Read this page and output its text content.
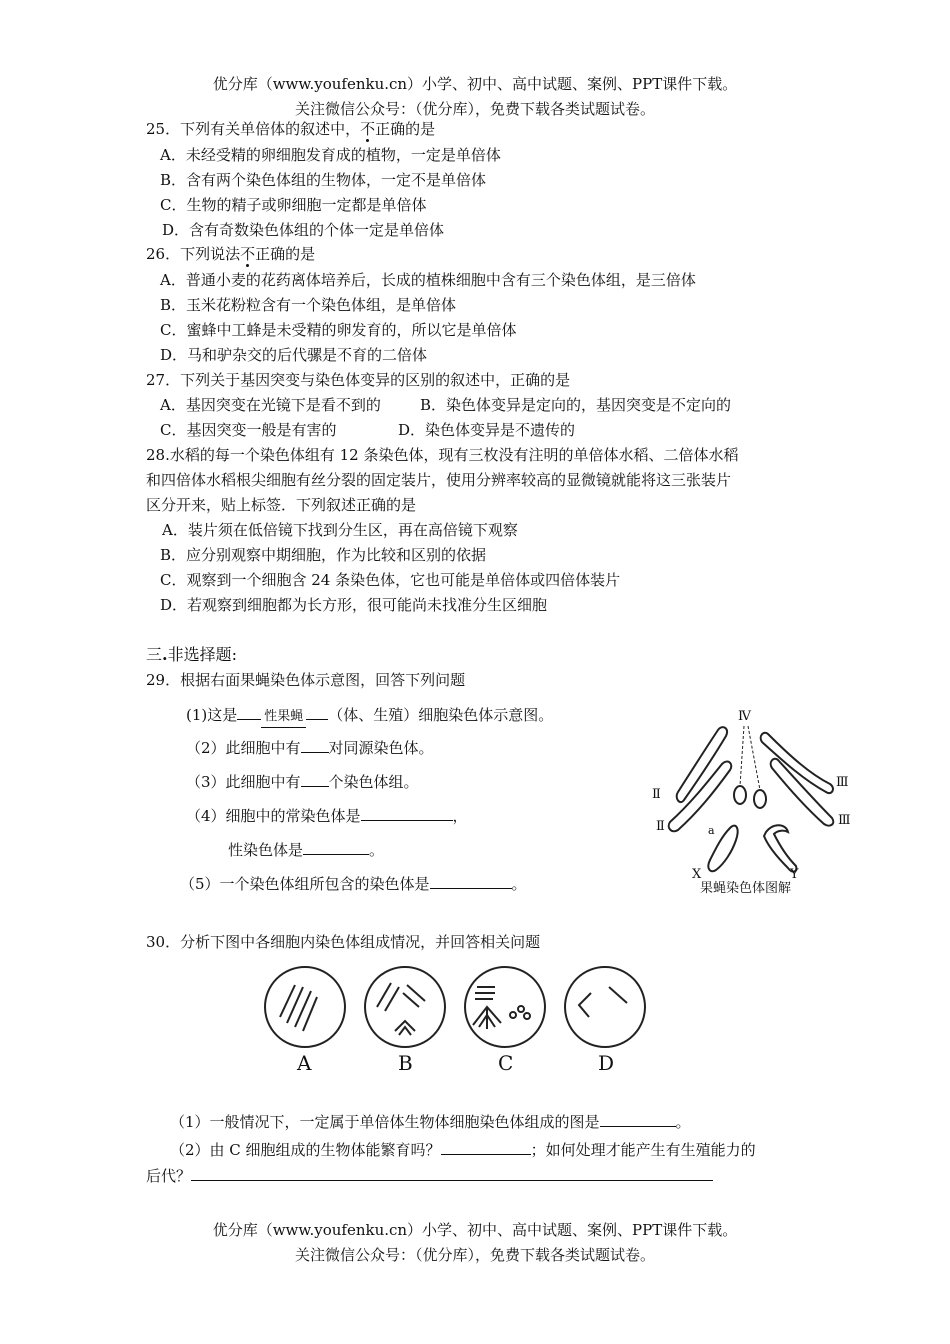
优分库（www.youfenku.cn）小学、初中、高中试题、案例、PPT课件下载。
关注微信公众号：（优分库），免费下载各类试题试卷。
25．下列有关单倍体的叙述中，不正确的是
A．未经受精的卵细胞发育成的植物，一定是单倍体
B．含有两个染色体组的生物体，一定不是单倍体
C．生物的精子或卵细胞一定都是单倍体
D．含有奇数染色体组的个体一定是单倍体
26．下列说法不正确的是
A．普通小麦的花药离体培养后，长成的植株细胞中含有三个染色体组，是三倍体
B．玉米花粉粒含有一个染色体组，是单倍体
C．蜜蜂中工蜂是未受精的卵发育的，所以它是单倍体
D．马和驴杂交的后代骡是不育的二倍体
27．下列关于基因突变与染色体变异的区别的叙述中，正确的是
A．基因突变在光镜下是看不到的	B．染色体变异是定向的，基因突变是不定向的
C．基因突变一般是有害的	D．染色体变异是不遗传的
28.水稻的每一个染色体组有 12 条染色体，现有三枚没有注明的单倍体水稻、二倍体水稻
和四倍体水稻根尖细胞有丝分裂的固定装片，使用分辨率较高的显微镜就能将这三张装片
区分开来，贴上标签．下列叙述正确的是
A．装片须在低倍镜下找到分生区，再在高倍镜下观察
B．应分别观察中期细胞，作为比较和区别的依据
C．观察到一个细胞含 24 条染色体，它也可能是单倍体或四倍体装片
D．若观察到细胞都为长方形，很可能尚未找准分生区细胞
三.非选择题:
29．根据右面果蝇染色体示意图，回答下列问题
(1)这是 性果蝇 （体、生殖）细胞染色体示意图。
（2）此细胞中有 对同源染色体。
（3）此细胞中有 个染色体组。
（4）细胞中的常染色体是	，
性染色体是	。
（5）一个染色体组所包含的染色体是	。
Ⅳ
Ⅱ
Ⅱ
Ⅲ
Ⅲ
a
X	Y
果蝇染色体图解
30．分析下图中各细胞内染色体组成情况，并回答相关问题
A	B	C	D
（1）一般情况下，一定属于单倍体生物体细胞染色体组成的图是	。
（2）由 C 细胞组成的生物体能繁育吗？	；如何处理才能产生有生殖能力的
后代？
优分库（www.youfenku.cn）小学、初中、高中试题、案例、PPT课件下载。
关注微信公众号：（优分库），免费下载各类试题试卷。
